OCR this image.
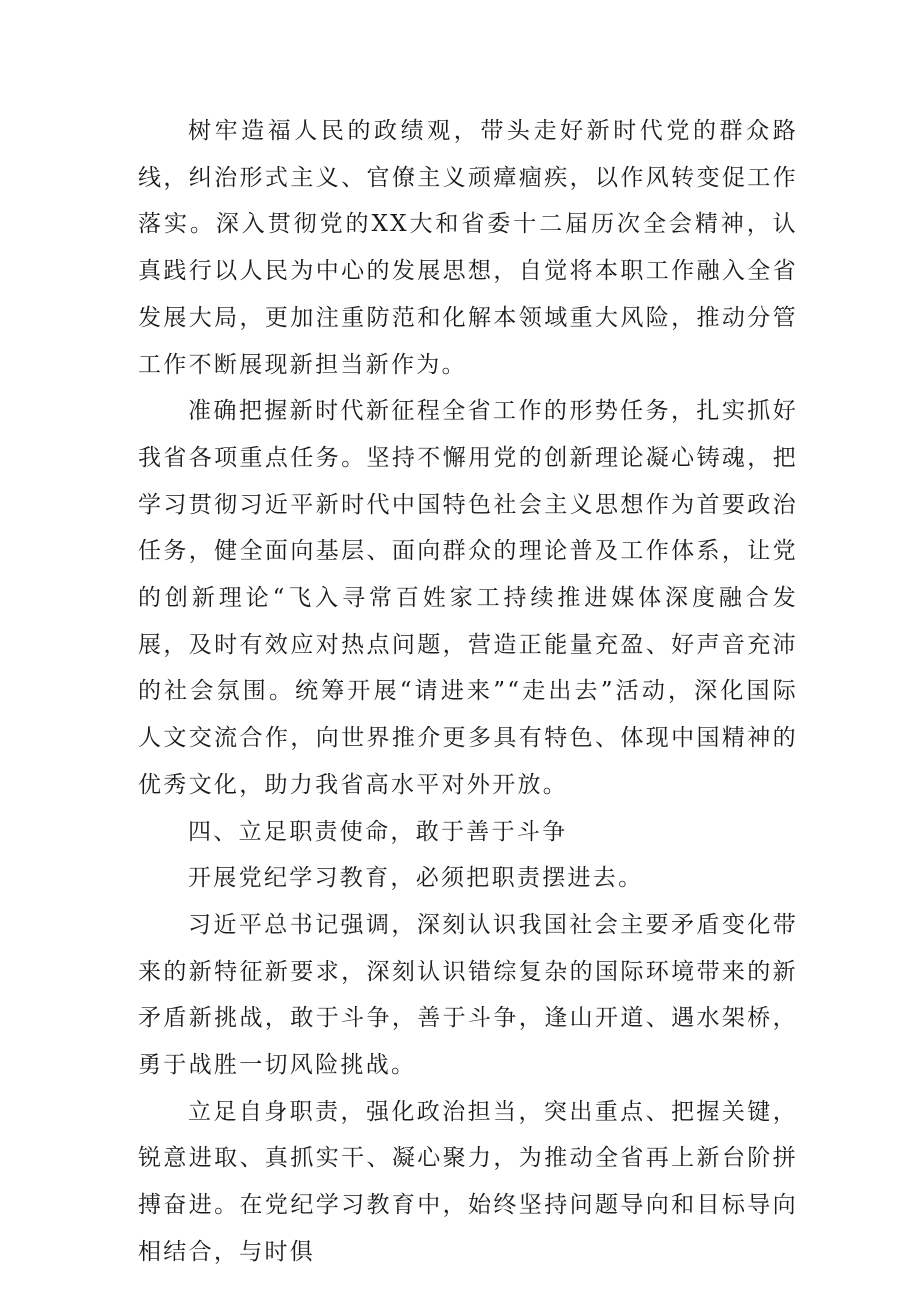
树牢造福人民的政绩观，带头走好新时代党的群众路线，纠治形式主义、官僚主义顽瘴痼疾，以作风转变促工作落实。深入贯彻党的XX大和省委十二届历次全会精神，认真践行以人民为中心的发展思想，自觉将本职工作融入全省发展大局，更加注重防范和化解本领域重大风险，推动分管工作不断展现新担当新作为。

准确把握新时代新征程全省工作的形势任务，扎实抓好我省各项重点任务。坚持不懈用党的创新理论凝心铸魂，把学习贯彻习近平新时代中国特色社会主义思想作为首要政治任务，健全面向基层、面向群众的理论普及工作体系，让党的创新理论“飞入寻常百姓家工持续推进媒体深度融合发展，及时有效应对热点问题，营造正能量充盈、好声音充沛的社会氛围。统筹开展“请进来”“走出去”活动，深化国际人文交流合作，向世界推介更多具有特色、体现中国精神的优秀文化，助力我省高水平对外开放。

四、立足职责使命，敢于善于斗争

开展党纪学习教育，必须把职责摆进去。

习近平总书记强调，深刻认识我国社会主要矛盾变化带来的新特征新要求，深刻认识错综复杂的国际环境带来的新矛盾新挑战，敢于斗争，善于斗争，逢山开道、遇水架桥，勇于战胜一切风险挑战。

立足自身职责，强化政治担当，突出重点、把握关键，锐意进取、真抓实干、凝心聚力，为推动全省再上新台阶拼搏奋进。在党纪学习教育中，始终坚持问题导向和目标导向相结合，与时俱
